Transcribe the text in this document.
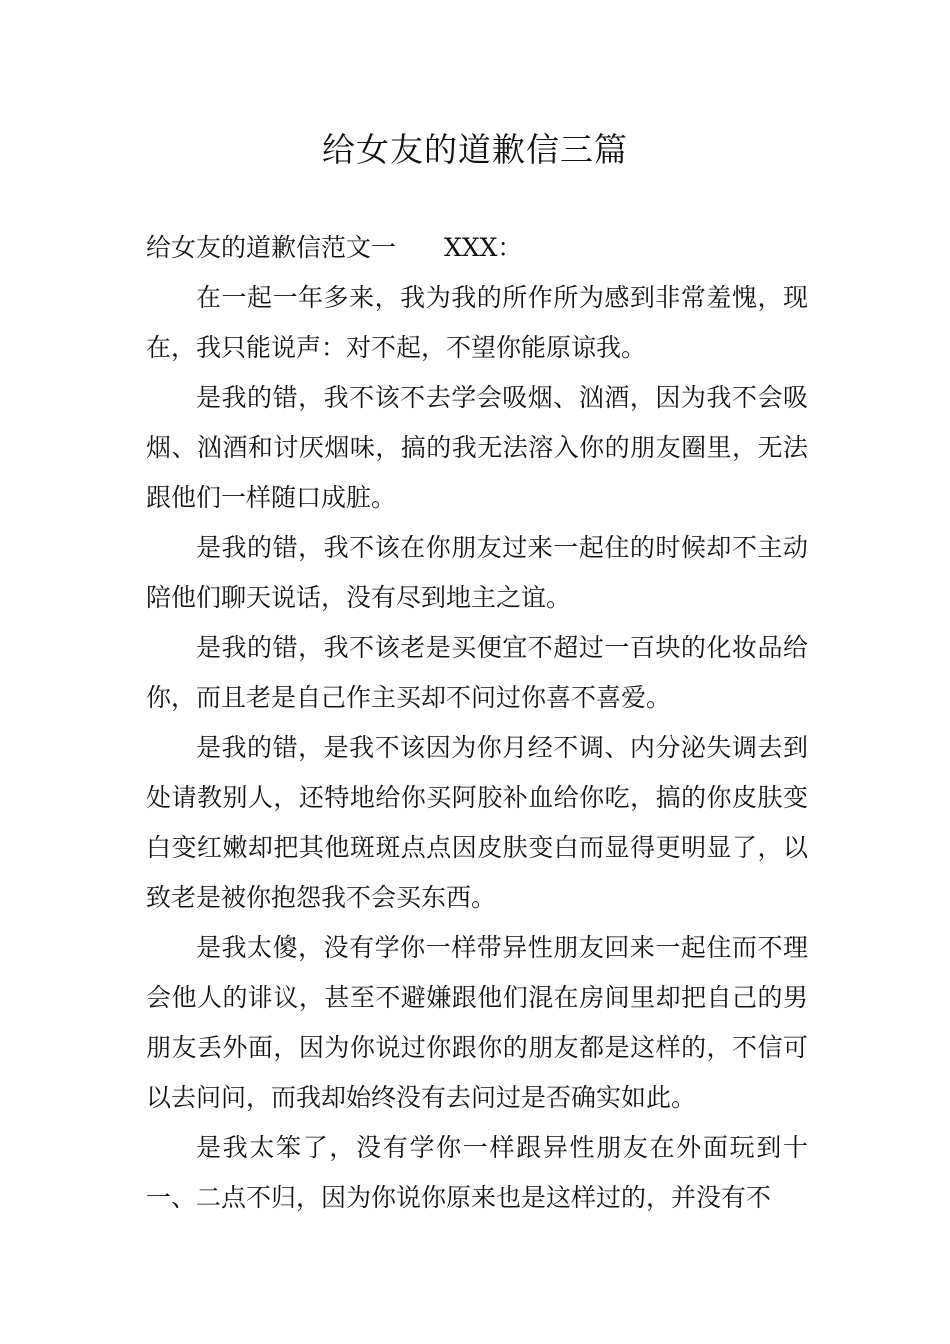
给女友的道歉信三篇

给女友的道歉信范文一 XXX：

在一起一年多来，我为我的所作所为感到非常羞愧，现在，我只能说声：对不起，不望你能原谅我。

是我的错，我不该不去学会吸烟、汹酒，因为我不会吸烟、汹酒和讨厌烟味，搞的我无法溶入你的朋友圈里，无法跟他们一样随口成脏。

是我的错，我不该在你朋友过来一起住的时候却不主动陪他们聊天说话，没有尽到地主之谊。

是我的错，我不该老是买便宜不超过一百块的化妆品给你，而且老是自己作主买却不问过你喜不喜爱。

是我的错，是我不该因为你月经不调、内分泌失调去到处请教别人，还特地给你买阿胶补血给你吃，搞的你皮肤变白变红嫩却把其他斑斑点点因皮肤变白而显得更明显了，以致老是被你抱怨我不会买东西。

是我太傻，没有学你一样带异性朋友回来一起住而不理会他人的诽议，甚至不避嫌跟他们混在房间里却把自己的男朋友丢外面，因为你说过你跟你的朋友都是这样的，不信可以去问问，而我却始终没有去问过是否确实如此。

是我太笨了，没有学你一样跟异性朋友在外面玩到十一、二点不归，因为你说你原来也是这样过的，并没有不
